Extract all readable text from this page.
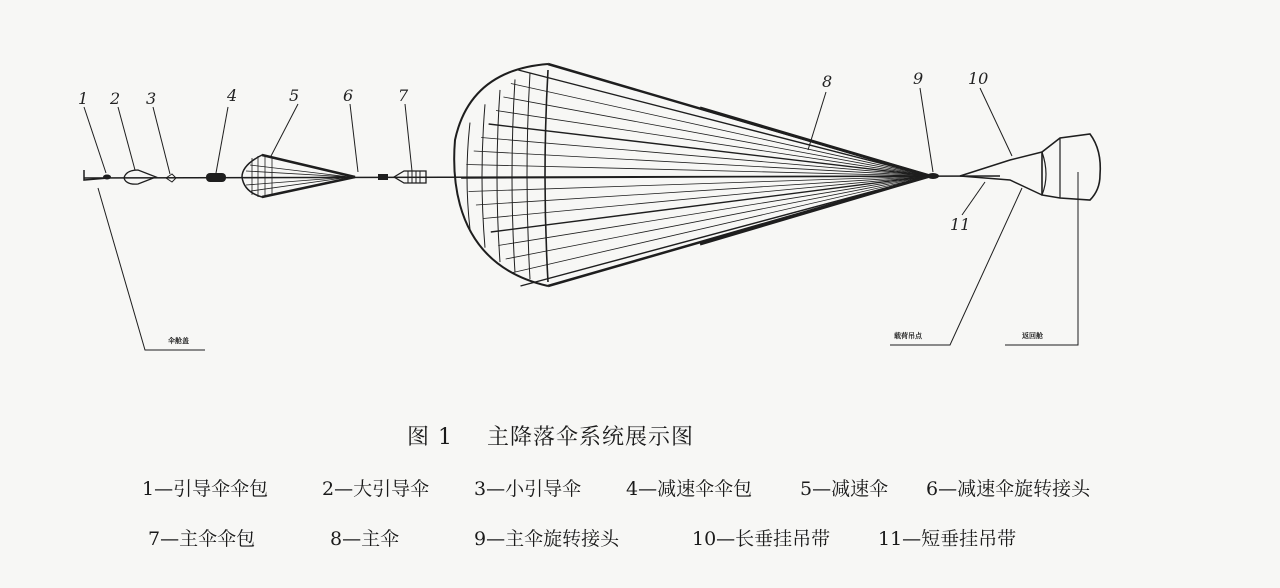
1 2 3	4	5	6	7
8	9	10
11
伞舱盖
载荷吊点	返回舱
图 1 主降落伞系统展示图
1—引导伞伞包	2—大引导伞 3—小引导伞 4—减速伞伞包	5—减速伞 6—减速伞旋转接头
7—主伞伞包	8—主伞	9—主伞旋转接头	10—长垂挂吊带	11—短垂挂吊带
